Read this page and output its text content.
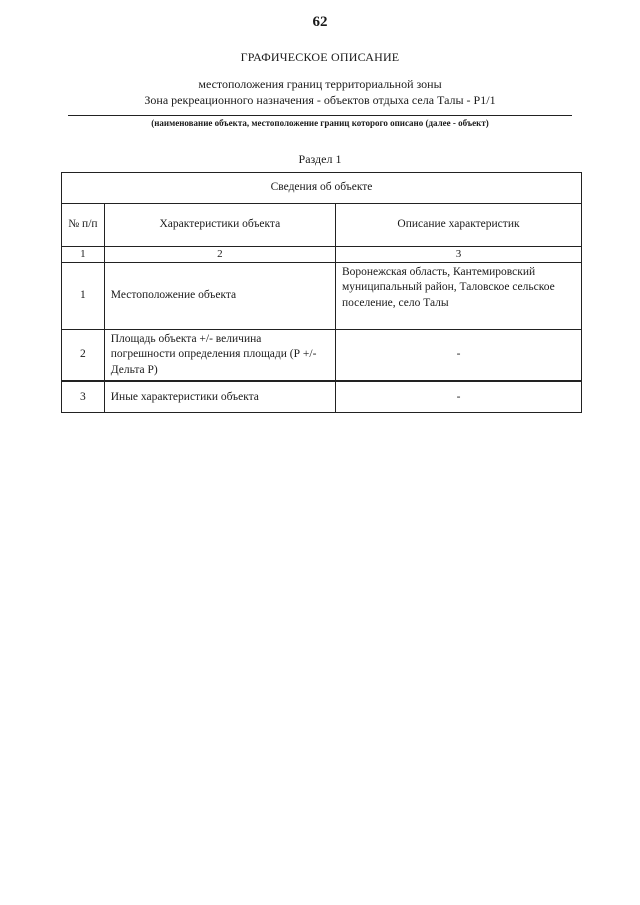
62
ГРАФИЧЕСКОЕ ОПИСАНИЕ
местоположения границ территориальной зоны
Зона рекреационного назначения - объектов отдыха села Талы - Р1/1
(наименование объекта, местоположение границ которого описано (далее - объект)
Раздел 1
Сведения об объекте		
№ п/п	Характеристики объекта	Описание характеристик
1	2	3
1	Местоположение объекта	Воронежская область, Кантемировский муниципальный район, Таловское сельское поселение, село Талы
2	Площадь объекта +/- величина погрешности определения площади (Р +/- Дельта Р)	-
3	Иные характеристики объекта	-
